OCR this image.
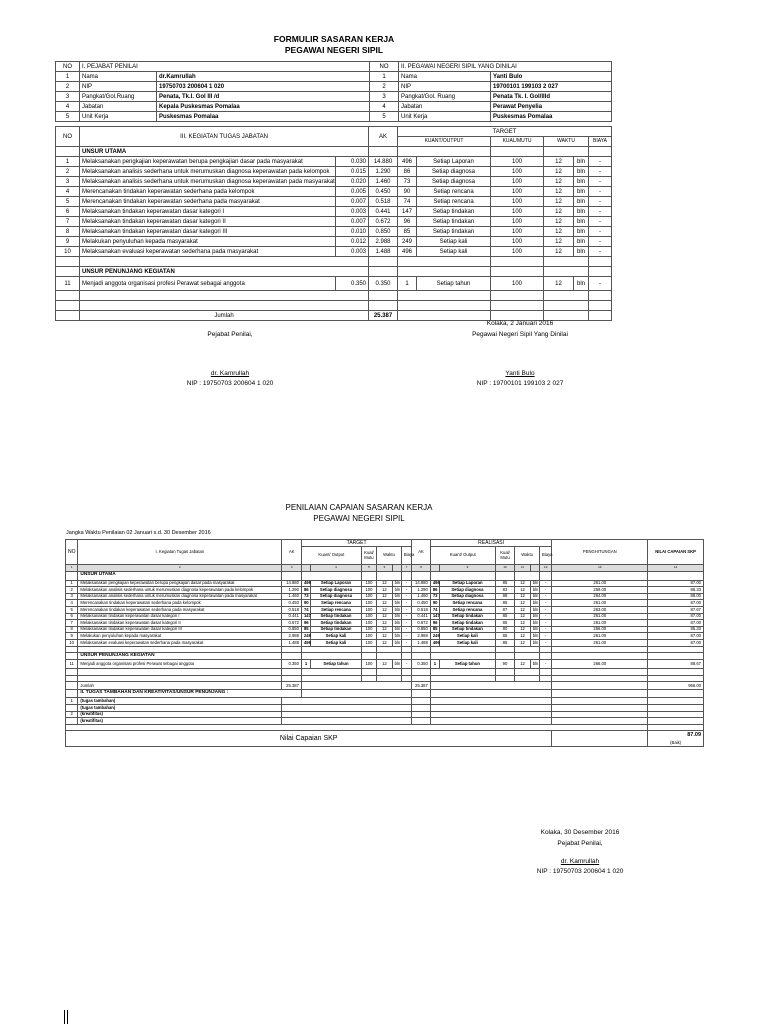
FORMULIR SASARAN KERJA
PEGAWAI NEGERI SIPIL
NO	I. PEJABAT PENILAI		NO	II. PEGAWAI NEGERI SIPIL YANG DINILAI	
1	Nama	dr.Kamrullah	1	Nama	Yanti Bulo
2	NIP	19750703 200604 1 020	2	NIP	19700101 199103 2 027
3	Pangkat/Gol.Ruang	Penata, Tk.I. Gol III /d	3	Pangkat/Gol. Ruang	Penata Tk. I. Gol/IIId
4	Jabatan	Kepala Puskesmas Pomalaa	4	Jabatan	Perawat Penyelia
5	Unit Kerja	Puskesmas Pomalaa	5	Unit Kerja	Puskesmas Pomalaa
NO	III. KEGIATAN TUGAS JABATAN		AK	TARGET					
				KUANT/OUTPUT		KUAL/MUTU	WAKTU		BIAYA
	UNSUR UTAMA								
1	Melaksanakan pengkajian keperawatan berupa pengkajian dasar pada masyarakat	0.030	14.880	496	Setiap Laporan	100	12	bln	-
2	Melaksanakan analisis sederhana untuk merumuskan diagnosa keperawatan pada kelompok	0.015	1.290	86	Setiap diagnosa	100	12	bln	-
3	Melaksanakan analisis sederhana untuk merumuskan diagnosa keperawatan pada masyarakat	0.020	1.460	73	Setiap diagnosa	100	12	bln	-
4	Merencanakan tindakan keperawatan sederhana pada kelompok	0.005	0.450	90	Setiap rencana	100	12	bln	-
5	Merencanakan tindakan keperawatan sederhana pada masyarakat	0.007	0.518	74	Setiap rencana	100	12	bln	-
6	Melaksanakan tindakan keperawatan dasar kategori I	0.003	0.441	147	Setiap tindakan	100	12	bln	-
7	Melaksanakan tindakan keperawatan dasar kategori II	0.007	0.672	96	Setiap tindakan	100	12	bln	-
8	Melaksanakan tindakan keperawatan dasar kategori III	0.010	0.850	85	Setiap tindakan	100	12	bln	-
9	Melakukan penyuluhan kepada masyarakat	0.012	2.988	249	Setiap kali	100	12	bln	-
10	Melaksanakan evaluasi keperawatan sederhana pada masyarakat	0.003	1.488	496	Setiap kali	100	12	bln	-

	UNSUR PENUNJANG KEGIATAN								
11	Menjadi anggota organisasi profesi Perawat sebagai anggota	0.350	0.350	1	Setiap tahun	100	12	bln	-

	Jumlah		25.387						
Kolaka, 2 Januari 2016
Pejabat Penilai,	Pegawai Negeri Sipil Yang Dinilai
dr. Kamrullah
NIP : 19750703 200604 1 020
Yanti Bulo
NIP : 19700101 199103 2 027
PENILAIAN CAPAIAN SASARAN KERJA
PEGAWAI NEGERI SIPIL
Jangka Waktu Penilaian 02 Januari s.d. 30 Desember 2016
NO	I. Kegiatan Tugas Jabatan	AK	TARGET						AK	REALISASI						PENGHITUNGAN	NILAI CAPAIAN SKP
			Kuant/ Output		Kual/ Mutu	Waktu		Biaya		Kuant/ Output		Kual/ Mutu	Waktu		Biaya		
1	2	3		4	5	6		7	8		9	10	11		12	13	14
	UNSUR UTAMA																
1	Melaksanakan pengkajian keperawatan berupa pengkajian dasar pada masyarakat	14.880	496	Setiap Laporan	100	12	bln	-	14.880	496	Setiap Laporan	85	12	bln	-	261.00	87.00
2	Melaksanakan analisis sederhana untuk merumuskan diagnosa keperawatan pada kelompok	1.290	86	Setiap diagnosa	100	12	bln	-	1.290	86	Setiap diagnosa	83	12	bln	-	259.00	86.33
3	Melaksanakan analisis sederhana untuk merumuskan diagnosa keperawatan pada masyarakat	1.460	73	Setiap diagnosa	100	12	bln	-	1.460	73	Setiap diagnosa	88	12	bln	-	264.00	88.00
4	Merencanakan tindakan keperawatan sederhana pada kelompok	0.450	90	Setiap rencana	100	12	bln	-	0.450	90	Setiap rencana	85	12	bln	-	261.00	87.00
5	Merencanakan tindakan keperawatan sederhana pada masyarakat	0.518	74	Setiap rencana	100	12	bln	-	0.518	74	Setiap rencana	87	12	bln	-	263.00	87.67
6	Melaksanakan tindakan keperawatan dasar kategori I	0.441	147	Setiap tindakan	100	12	bln	-	0.441	147	Setiap tindakan	85	12	bln	-	261.00	87.00
7	Melaksanakan tindakan keperawatan dasar kategori II	0.672	96	Setiap tindakan	100	12	bln	-	0.672	96	Setiap tindakan	85	12	bln	-	261.00	87.00
8	Melaksanakan tindakan keperawatan dasar kategori III	0.850	85	Setiap tindakan	100	12	bln	-	0.850	85	Setiap tindakan	80	12	bln	-	256.00	85.33
9	Melakukan penyuluhan kepada masyarakat	2.988	249	Setiap kali	100	12	bln	-	2.988	249	Setiap kali	85	12	bln	-	261.00	87.00
10	Melaksanakan evaluasi keperawatan sederhana pada masyarakat	1.488	496	Setiap kali	100	12	bln	-	1.488	496	Setiap kali	85	12	bln	-	261.00	87.00

	UNSUR PENUNJANG KEGIATAN																
11	Menjadi anggota organisasi profesi Perawat sebagai anggota	0.350	1	Setiap tahun	100	12	bln	-	0.350	1	Setiap tahun	90	12	bln	-	266.00	88.67

	Jumlah	25.387							25.387								958.00
	II. TUGAS TAMBAHAN DAN KREATIVITAS/UNSUR PENUNJANG :																
1	(tugas tambahan)																
	(tugas tambahan)																
2	(kreatifitas)																
	(kreatifitas)																

Nilai Capaian SKP																	87.09
(Baik)
Kolaka, 30 Desember 2016
Pejabat Penilai,
dr. Kamrullah
NIP : 19750703 200604 1 020
